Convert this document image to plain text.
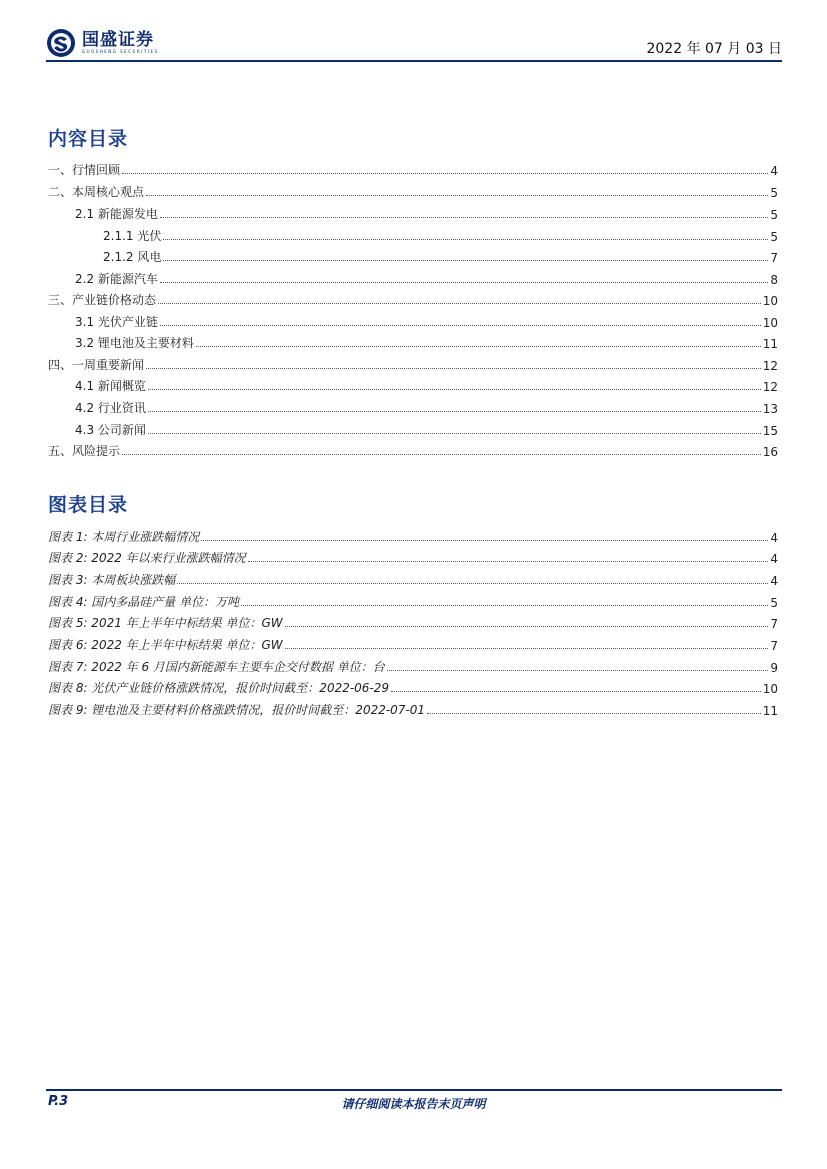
国盛证券
GUOSHENG SECURITIES	2022 年 07 月 03 日
内容目录
一、行情回顾	4
二、本周核心观点	5
2.1 新能源发电	5
2.1.1 光伏	5
2.1.2 风电	7
2.2 新能源汽车	8
三、产业链价格动态	10
3.1 光伏产业链	10
3.2 锂电池及主要材料	11
四、一周重要新闻	12
4.1 新闻概览	12
4.2 行业资讯	13
4.3 公司新闻	15
五、风险提示	16
图表目录
图表 1: 本周行业涨跌幅情况	4
图表 2: 2022 年以来行业涨跌幅情况	4
图表 3: 本周板块涨跌幅	4
图表 4: 国内多晶硅产量 单位：万吨	5
图表 5: 2021 年上半年中标结果 单位：GW	7
图表 6: 2022 年上半年中标结果 单位：GW	7
图表 7: 2022 年 6 月国内新能源车主要车企交付数据 单位：台	9
图表 8: 光伏产业链价格涨跌情况，报价时间截至：2022-06-29	10
图表 9: 锂电池及主要材料价格涨跌情况，报价时间截至：2022-07-01	11
P.3	请仔细阅读本报告末页声明
